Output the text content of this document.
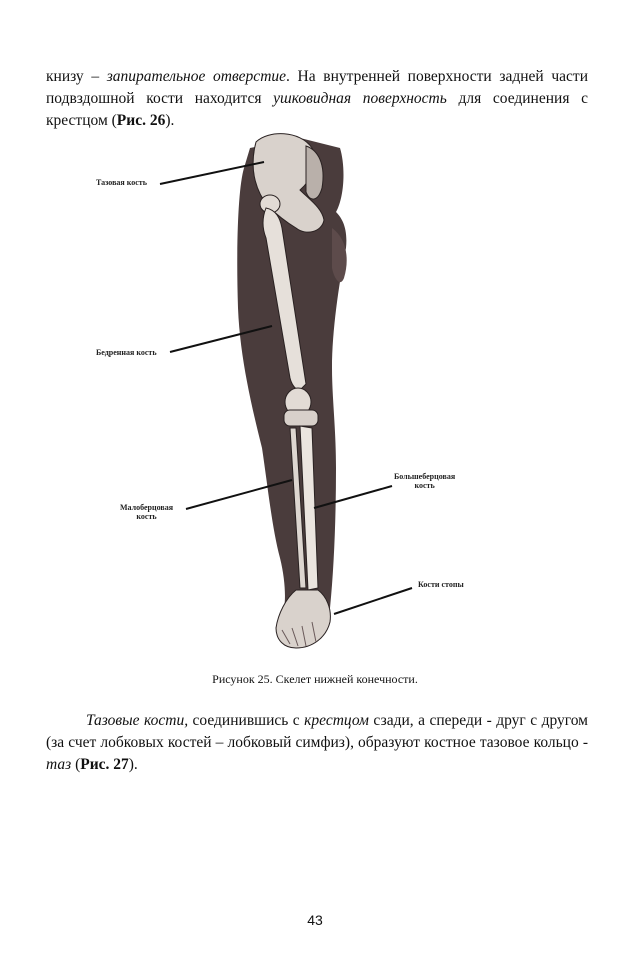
книзу – запирательное отверстие. На внутренней поверхности задней части подвздошной кости находится ушковидная поверхность для соединения с крестцом (Рис. 26).
Тазовая кость
Бедренная кость
Малоберцовая
кость
Большеберцовая
кость
Кости стопы
Рисунок 25. Скелет нижней конечности.
Тазовые кости, соединившись с крестцом сзади, а спереди - друг с другом (за счет лобковых костей – лобковый симфиз), образуют костное тазовое кольцо - таз (Рис. 27).
43
